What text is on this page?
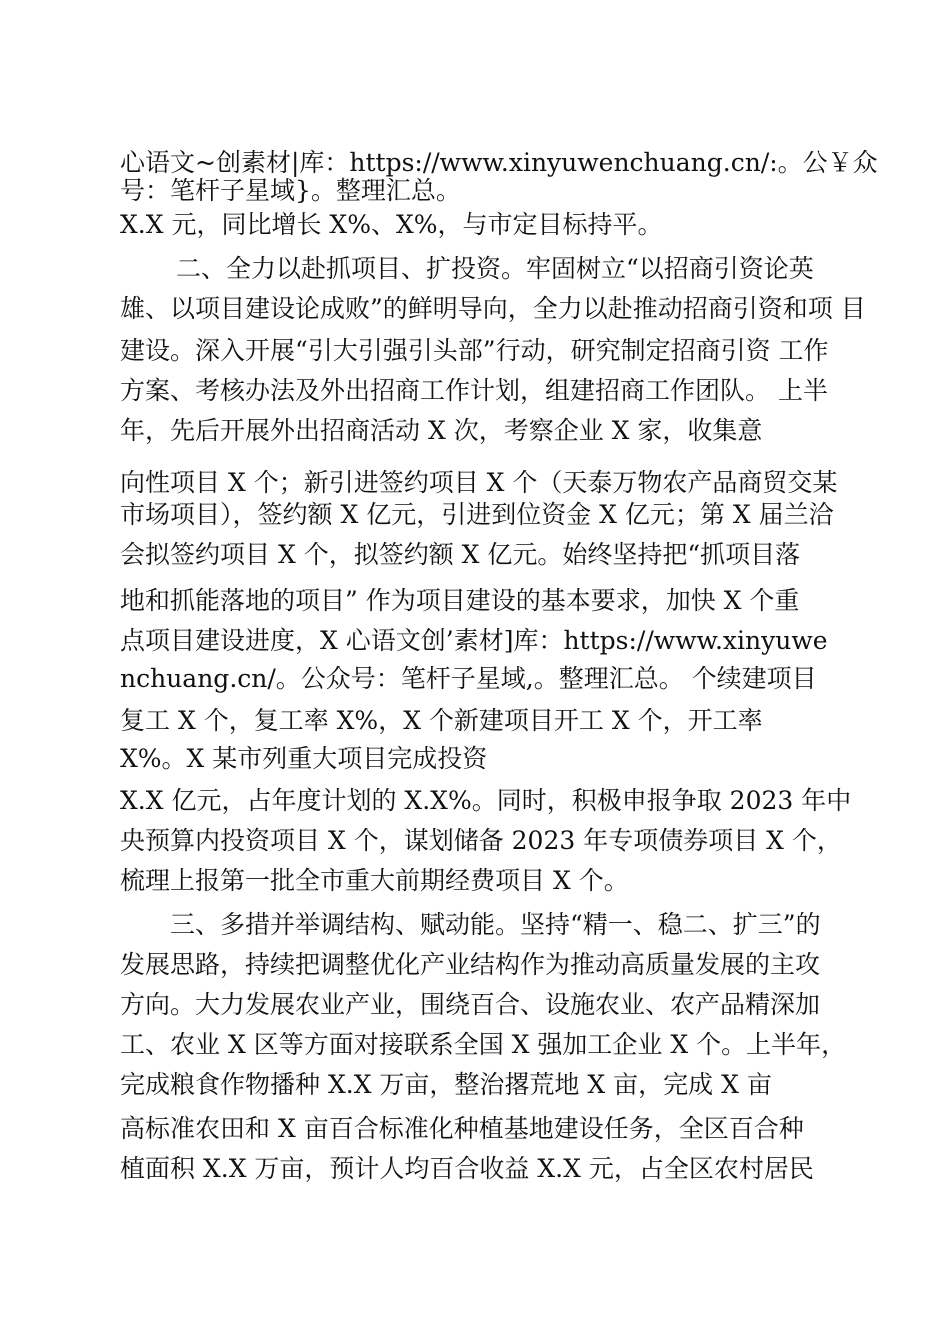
心语文~创素材|库：https://www.xinyuwenchuang.cn/:。公￥众
号：笔杆子星域}。整理汇总。
X.X 元，同比增长 X%、X%，与市定目标持平。
二、全力以赴抓项目、扩投资。牢固树立“以招商引资论英
雄、以项目建设论成败”的鲜明导向，全力以赴推动招商引资和项 目
建设。深入开展“引大引强引头部”行动，研究制定招商引资 工作
方案、考核办法及外出招商工作计划，组建招商工作团队。 上半
年，先后开展外出招商活动 X 次，考察企业 X 家，收集意
向性项目 X 个；新引进签约项目 X 个（天泰万物农产品商贸交某
市场项目），签约额 X 亿元，引进到位资金 X 亿元；第 X 届兰洽
会拟签约项目 X 个，拟签约额 X 亿元。始终坚持把“抓项目落
地和抓能落地的项目” 作为项目建设的基本要求，加快 X 个重
点项目建设进度，X 心语文创’素材]库：https://www.xinyuwe
nchuang.cn/。公众号：笔杆子星域,。整理汇总。 个续建项目
复工 X 个，复工率 X%，X 个新建项目开工 X 个，开工率
X%。X 某市列重大项目完成投资
X.X 亿元，占年度计划的 X.X%。同时，积极申报争取 2023 年中
央预算内投资项目 X 个，谋划储备 2023 年专项债券项目 X 个，
梳理上报第一批全市重大前期经费项目 X 个。
三、多措并举调结构、赋动能。坚持“精一、稳二、扩三”的
发展思路，持续把调整优化产业结构作为推动高质量发展的主攻
方向。大力发展农业产业，围绕百合、设施农业、农产品精深加
工、农业 X 区等方面对接联系全国 X 强加工企业 X 个。上半年，
完成粮食作物播种 X.X 万亩，整治撂荒地 X 亩，完成 X 亩
高标准农田和 X 亩百合标准化种植基地建设任务，全区百合种
植面积 X.X 万亩，预计人均百合收益 X.X 元，占全区农村居民
